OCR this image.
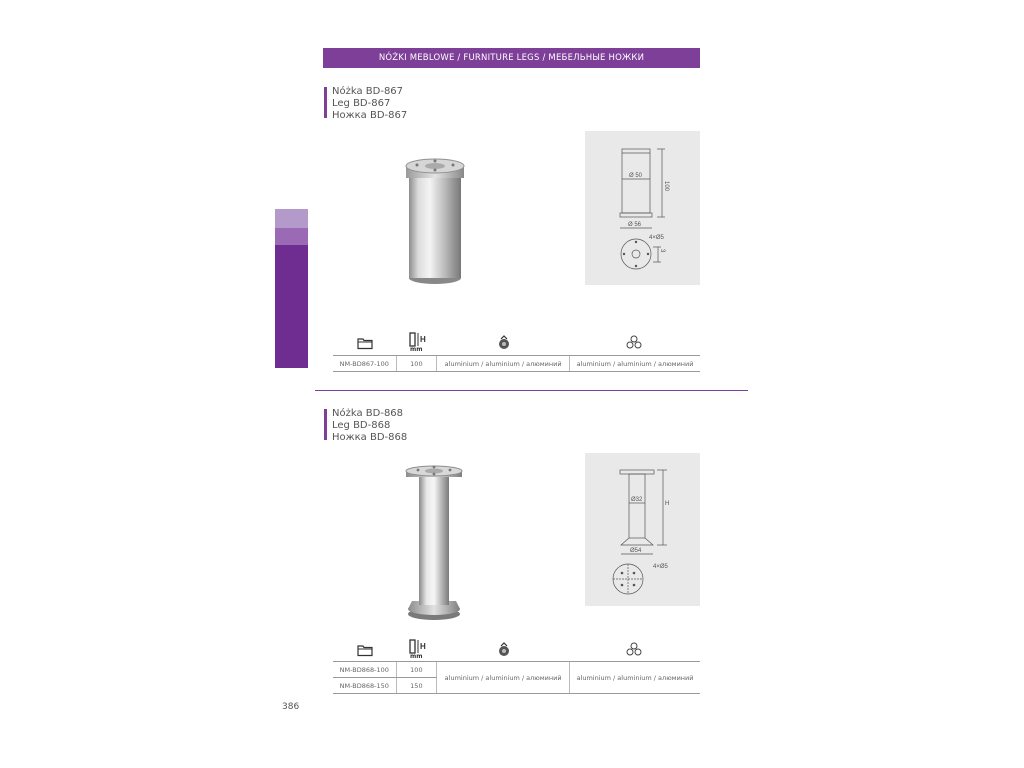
NÓŻKI MEBLOWE / FURNITURE LEGS / МЕБЕЛЬНЫЕ НОЖКИ
Nóżka BD-867
Leg BD-867
Ножка BD-867
Ø 50
100
Ø 56
4×Ø5
3
H
mm
NM-BD867-100	100	aluminium / aluminium / алюминий	aluminium / aluminium / алюминий
Nóżka BD-868
Leg BD-868
Ножка BD-868
Ø32
H
Ø54
4×Ø5
H
mm
NM-BD868-100	100	aluminium / aluminium / алюминий	aluminium / aluminium / алюминий
NM-BD868-150	150		
386
